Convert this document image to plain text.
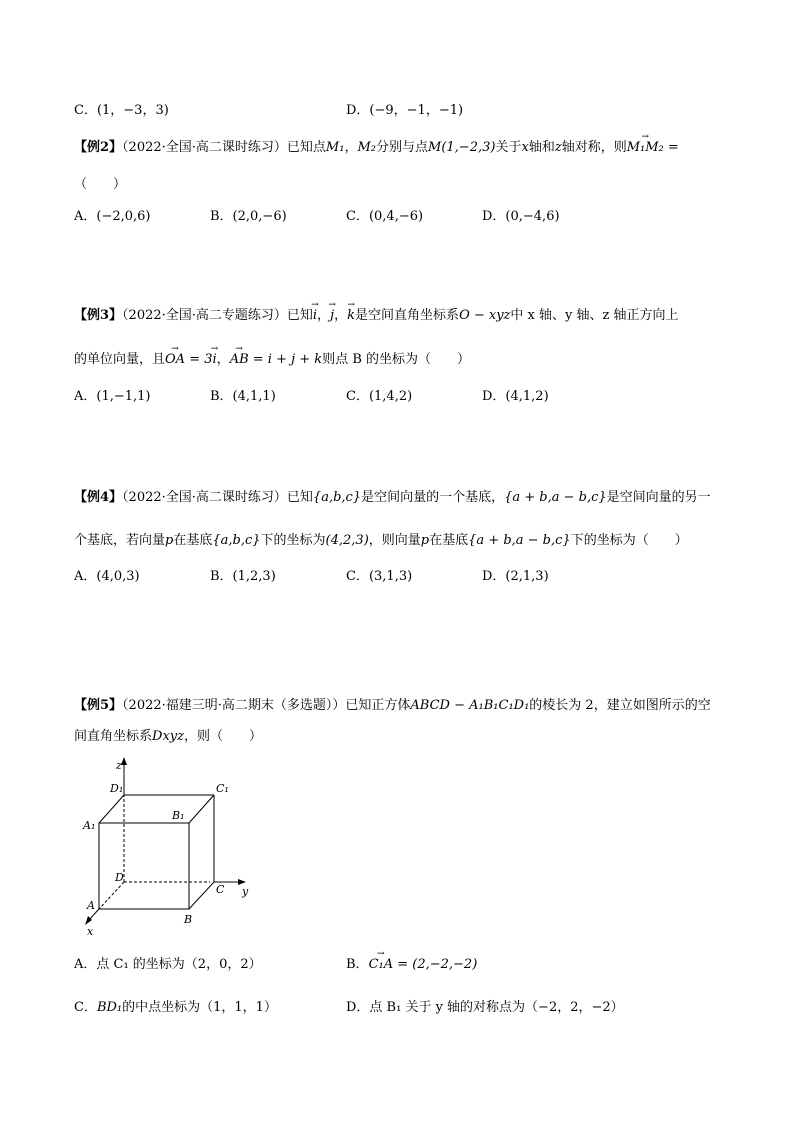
C．(1，−3，3)	D．(−9，−1，−1)
【例2】（2022·全国·高二课时练习）已知点M₁，M₂分别与点M(1,−2,3)关于x轴和z轴对称，则→ M₁M₂ =
（　　）
A．(−2,0,6)	B．(2,0,−6)	C．(0,4,−6)	D．(0,−4,6)
【例3】（2022·全国·高二专题练习）已知→ i，→ j，→ k是空间直角坐标系O − xyz中 x 轴、y 轴、z 轴正方向上
的单位向量，且→ OA = 3→ i，→ AB = i + j + k则点 B 的坐标为（　　）
A．(1,−1,1)	B．(4,1,1)	C．(1,4,2)	D．(4,1,2)
【例4】（2022·全国·高二课时练习）已知{a,b,c}是空间向量的一个基底，{a + b,a − b,c}是空间向量的另一
个基底，若向量p在基底{a,b,c}下的坐标为(4,2,3)，则向量p在基底{a + b,a − b,c}下的坐标为（　　）
A．(4,0,3)	B．(1,2,3)	C．(3,1,3)	D．(2,1,3)
【例5】（2022·福建三明·高二期末（多选题））已知正方体ABCD − A₁B₁C₁D₁的棱长为 2，建立如图所示的空
间直角坐标系Dxyz，则（　　）
z
y
x
D₁	C₁
A₁
B₁
D
C
A
B
A．点 C₁ 的坐标为（2，0，2）	B．→ C₁A = (2,−2,−2)
C．BD₁的中点坐标为（1，1，1）	D．点 B₁ 关于 y 轴的对称点为（−2，2，−2）
